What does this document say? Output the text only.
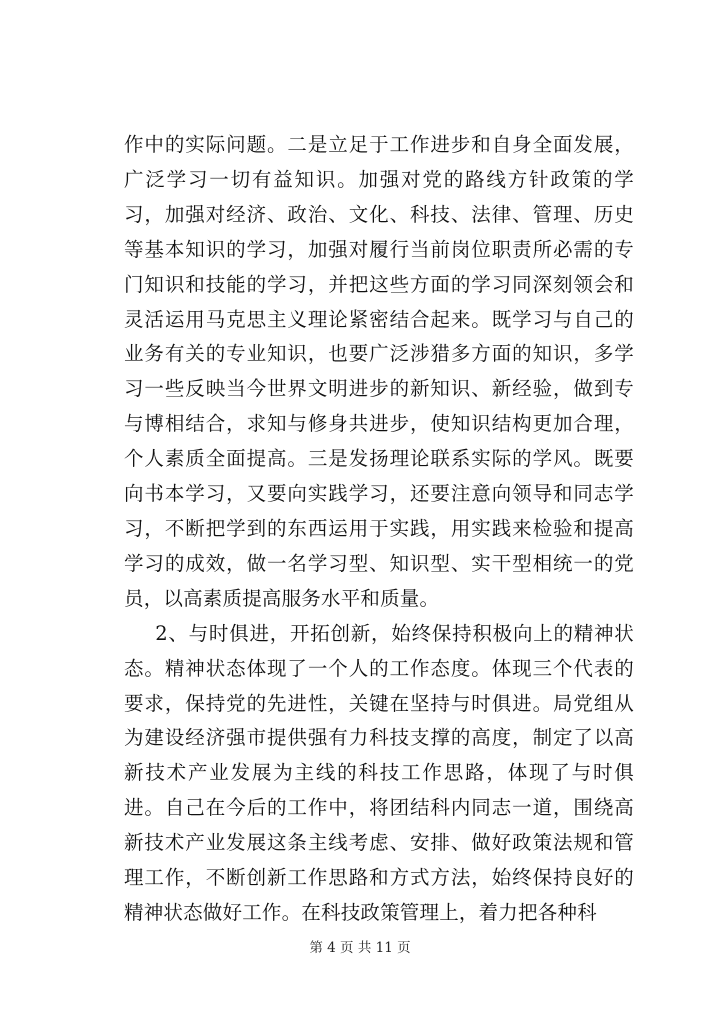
作中的实际问题。二是立足于工作进步和自身全面发展，广泛学习一切有益知识。加强对党的路线方针政策的学习，加强对经济、政治、文化、科技、法律、管理、历史等基本知识的学习，加强对履行当前岗位职责所必需的专门知识和技能的学习，并把这些方面的学习同深刻领会和灵活运用马克思主义理论紧密结合起来。既学习与自己的业务有关的专业知识，也要广泛涉猎多方面的知识，多学习一些反映当今世界文明进步的新知识、新经验，做到专与博相结合，求知与修身共进步，使知识结构更加合理，个人素质全面提高。三是发扬理论联系实际的学风。既要向书本学习，又要向实践学习，还要注意向领导和同志学习，不断把学到的东西运用于实践，用实践来检验和提高学习的成效，做一名学习型、知识型、实干型相统一的党员，以高素质提高服务水平和质量。

2、与时俱进，开拓创新，始终保持积极向上的精神状态。精神状态体现了一个人的工作态度。体现三个代表的要求，保持党的先进性，关键在坚持与时俱进。局党组从为建设经济强市提供强有力科技支撑的高度，制定了以高新技术产业发展为主线的科技工作思路，体现了与时俱进。自己在今后的工作中，将团结科内同志一道，围绕高新技术产业发展这条主线考虑、安排、做好政策法规和管理工作，不断创新工作思路和方式方法，始终保持良好的精神状态做好工作。在科技政策管理上，着力把各种科

第 4 页 共 11 页
